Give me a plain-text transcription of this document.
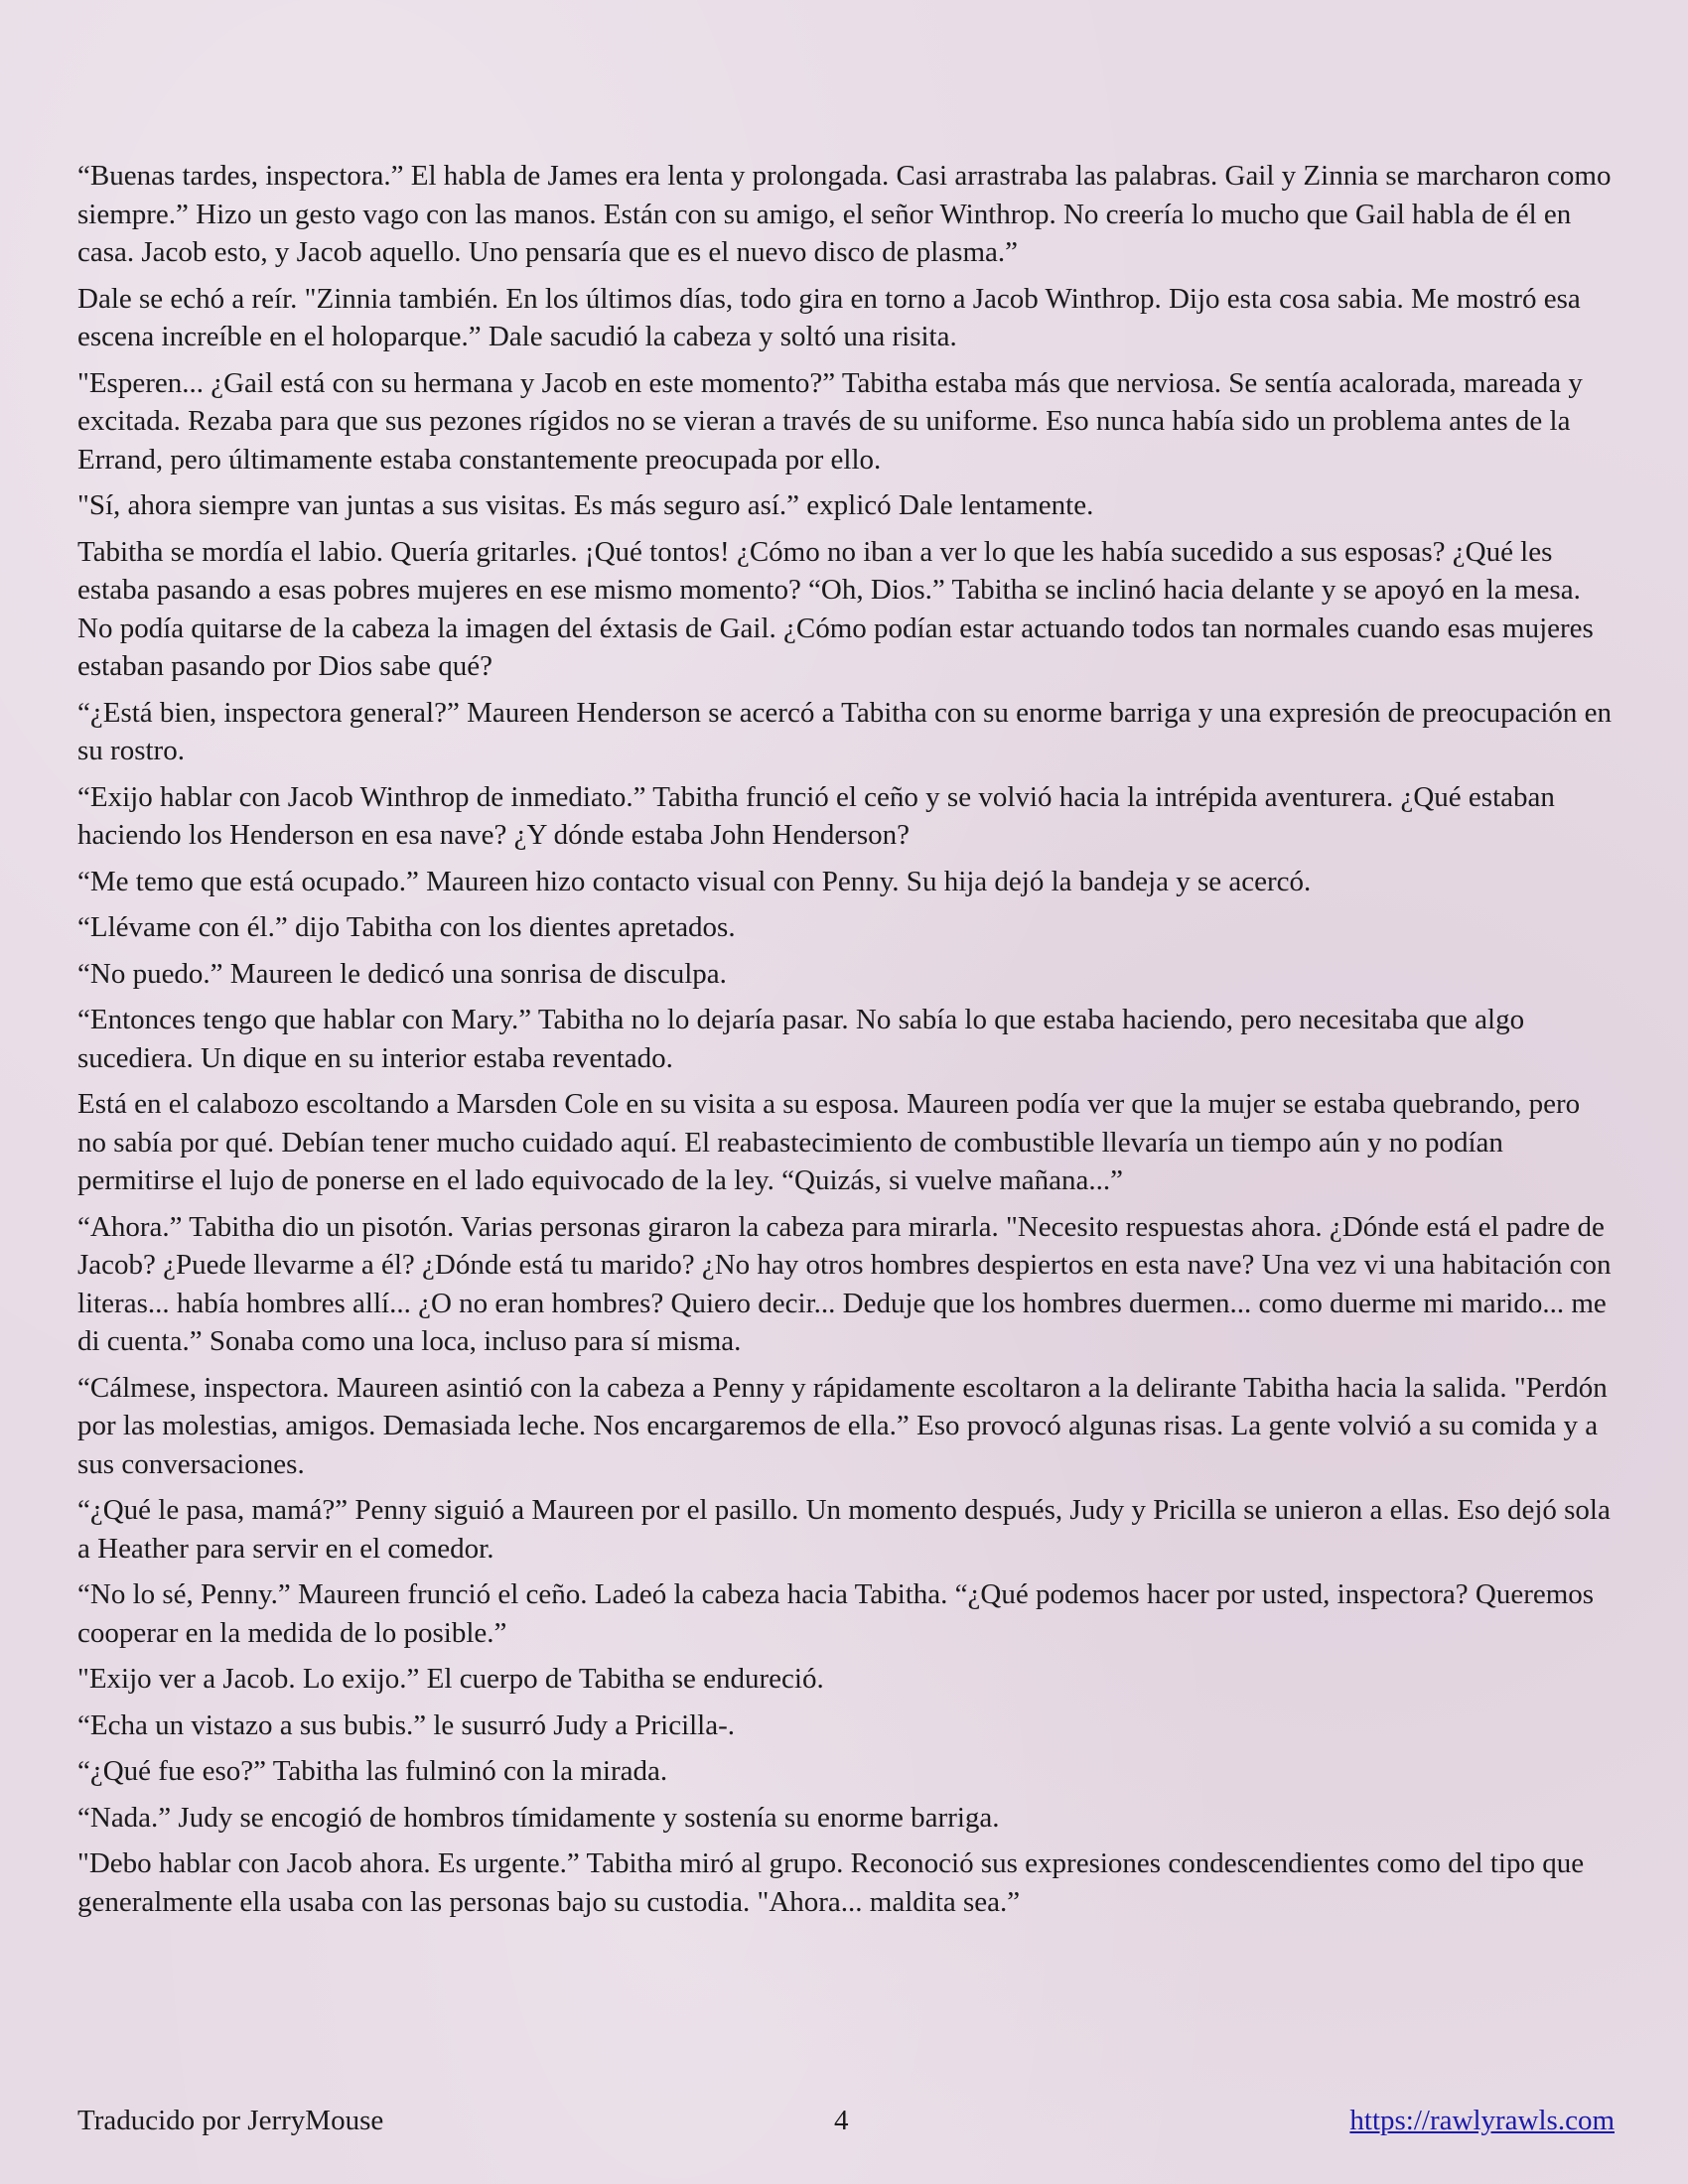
“Buenas tardes, inspectora.” El habla de James era lenta y prolongada. Casi arrastraba las palabras. Gail y Zinnia se marcharon como siempre.” Hizo un gesto vago con las manos. Están con su amigo, el señor Winthrop. No creería lo mucho que Gail habla de él en casa. Jacob esto, y Jacob aquello. Uno pensaría que es el nuevo disco de plasma.”

Dale se echó a reír. "Zinnia también. En los últimos días, todo gira en torno a Jacob Winthrop. Dijo esta cosa sabia. Me mostró esa escena increíble en el holoparque.” Dale sacudió la cabeza y soltó una risita.

"Esperen... ¿Gail está con su hermana y Jacob en este momento?” Tabitha estaba más que nerviosa. Se sentía acalorada, mareada y excitada. Rezaba para que sus pezones rígidos no se vieran a través de su uniforme. Eso nunca había sido un problema antes de la Errand, pero últimamente estaba constantemente preocupada por ello.

"Sí, ahora siempre van juntas a sus visitas. Es más seguro así.” explicó Dale lentamente.

Tabitha se mordía el labio. Quería gritarles. ¡Qué tontos! ¿Cómo no iban a ver lo que les había sucedido a sus esposas? ¿Qué les estaba pasando a esas pobres mujeres en ese mismo momento? “Oh, Dios.” Tabitha se inclinó hacia delante y se apoyó en la mesa. No podía quitarse de la cabeza la imagen del éxtasis de Gail. ¿Cómo podían estar actuando todos tan normales cuando esas mujeres estaban pasando por Dios sabe qué?

“¿Está bien, inspectora general?” Maureen Henderson se acercó a Tabitha con su enorme barriga y una expresión de preocupación en su rostro.

“Exijo hablar con Jacob Winthrop de inmediato.” Tabitha frunció el ceño y se volvió hacia la intrépida aventurera. ¿Qué estaban haciendo los Henderson en esa nave? ¿Y dónde estaba John Henderson?

“Me temo que está ocupado.” Maureen hizo contacto visual con Penny. Su hija dejó la bandeja y se acercó.

“Llévame con él.” dijo Tabitha con los dientes apretados.

“No puedo.” Maureen le dedicó una sonrisa de disculpa.

“Entonces tengo que hablar con Mary.” Tabitha no lo dejaría pasar. No sabía lo que estaba haciendo, pero necesitaba que algo sucediera. Un dique en su interior estaba reventado.

Está en el calabozo escoltando a Marsden Cole en su visita a su esposa. Maureen podía ver que la mujer se estaba quebrando, pero no sabía por qué. Debían tener mucho cuidado aquí. El reabastecimiento de combustible llevaría un tiempo aún y no podían permitirse el lujo de ponerse en el lado equivocado de la ley. “Quizás, si vuelve mañana...”

“Ahora.” Tabitha dio un pisotón. Varias personas giraron la cabeza para mirarla. "Necesito respuestas ahora. ¿Dónde está el padre de Jacob? ¿Puede llevarme a él? ¿Dónde está tu marido? ¿No hay otros hombres despiertos en esta nave? Una vez vi una habitación con literas... había hombres allí... ¿O no eran hombres? Quiero decir... Deduje que los hombres duermen... como duerme mi marido... me di cuenta.” Sonaba como una loca, incluso para sí misma.

“Cálmese, inspectora. Maureen asintió con la cabeza a Penny y rápidamente escoltaron a la delirante Tabitha hacia la salida. "Perdón por las molestias, amigos. Demasiada leche. Nos encargaremos de ella.” Eso provocó algunas risas. La gente volvió a su comida y a sus conversaciones.

“¿Qué le pasa, mamá?” Penny siguió a Maureen por el pasillo. Un momento después, Judy y Pricilla se unieron a ellas. Eso dejó sola a Heather para servir en el comedor.

“No lo sé, Penny.” Maureen frunció el ceño. Ladeó la cabeza hacia Tabitha. “¿Qué podemos hacer por usted, inspectora? Queremos cooperar en la medida de lo posible.”

"Exijo ver a Jacob. Lo exijo.” El cuerpo de Tabitha se endureció.

“Echa un vistazo a sus bubis.” le susurró Judy a Pricilla-.

“¿Qué fue eso?” Tabitha las fulminó con la mirada.

“Nada.” Judy se encogió de hombros tímidamente y sostenía su enorme barriga.

"Debo hablar con Jacob ahora. Es urgente.” Tabitha miró al grupo. Reconoció sus expresiones condescendientes como del tipo que generalmente ella usaba con las personas bajo su custodia. "Ahora... maldita sea.”

Traducido por JerryMouse	4	https://rawlyrawls.com
